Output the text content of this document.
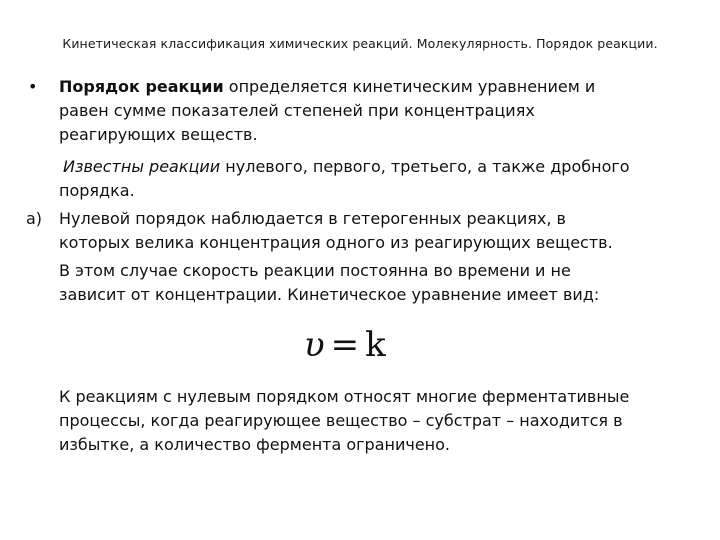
Кинетическая классификация химических реакций. Молекулярность. Порядок реакции.
• Порядок реакции определяется кинетическим уравнением и
равен сумме показателей степеней при концентрациях
реагирующих веществ.
Известны реакции нулевого, первого, третьего, а также дробного
порядка.
а) Нулевой порядок наблюдается в гетерогенных реакциях, в
которых велика концентрация одного из реагирующих веществ.
В этом случае скорость реакции постоянна во времени и не
зависит от концентрации. Кинетическое уравнение имеет вид:
υ = k
К реакциям с нулевым порядком относят многие ферментативные
процессы, когда реагирующее вещество – субстрат – находится в
избытке, а количество фермента ограничено.
